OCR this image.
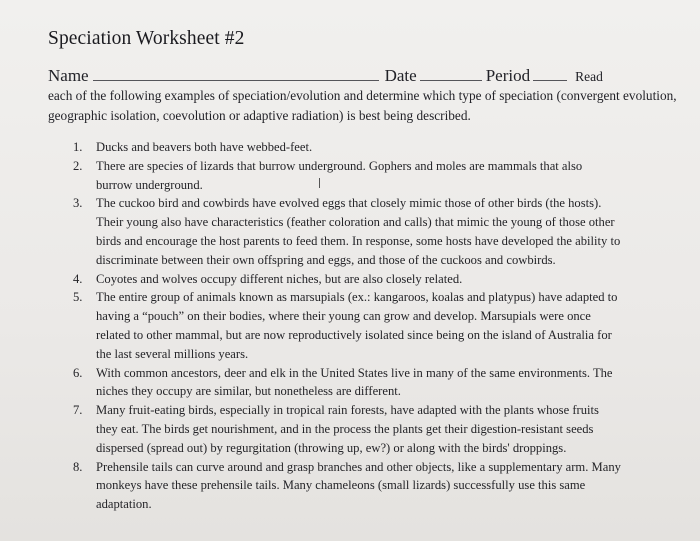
Speciation Worksheet #2
Name	Date	Period	Read
each of the following examples of speciation/evolution and determine which type of speciation (convergent evolution, geographic isolation, coevolution or adaptive radiation) is best being described.
1.	Ducks and beavers both have webbed-feet.
2.	There are species of lizards that burrow underground. Gophers and moles are mammals that also burrow underground.
3.	The cuckoo bird and cowbirds have evolved eggs that closely mimic those of other birds (the hosts). Their young also have characteristics (feather coloration and calls) that mimic the young of those other birds and encourage the host parents to feed them. In response, some hosts have developed the ability to discriminate between their own offspring and eggs, and those of the cuckoos and cowbirds.
4.	Coyotes and wolves occupy different niches, but are also closely related.
5.	The entire group of animals known as marsupials (ex.: kangaroos, koalas and platypus) have adapted to having a “pouch” on their bodies, where their young can grow and develop. Marsupials were once related to other mammal, but are now reproductively isolated since being on the island of Australia for the last several millions years.
6.	With common ancestors, deer and elk in the United States live in many of the same environments. The niches they occupy are similar, but nonetheless are different.
7.	Many fruit-eating birds, especially in tropical rain forests, have adapted with the plants whose fruits they eat. The birds get nourishment, and in the process the plants get their digestion-resistant seeds dispersed (spread out) by regurgitation (throwing up, ew?) or along with the birds' droppings.
8.	Prehensile tails can curve around and grasp branches and other objects, like a supplementary arm. Many monkeys have these prehensile tails. Many chameleons (small lizards) successfully use this same adaptation.
